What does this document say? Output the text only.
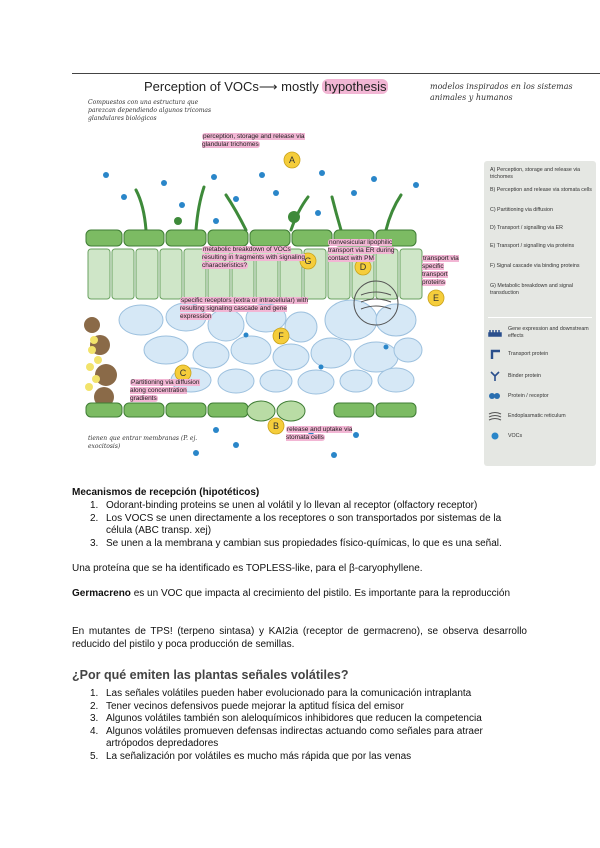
Perception of VOCs⟶ mostly hypothesis	modelos inspirados en los sistemas animales y humanos
Compuestos con una estructura que parezcan dependiendo algunos tricomas glandulares biológicos
tienen que entrar membranas (P. ej. exocitosis)
A
B
C
D
E
F
G
perception, storage and release via glandular trichomes
metabolic breakdown of VOCs resulting in fragments with signaling characteristics?
nonvesicular lipophilic transport via ER during contact with PM	transport via specific transport proteins
specific receptors (extra or intracellular) with resulting signaling cascade and gene expression
Partitioning via diffusion along concentration gradients
release and uptake via stomata cells
A) Perception, storage and release via trichomes
B) Perception and release via stomata cells
C) Partitioning via diffusion
D) Transport / signalling via ER
E) Transport / signalling via proteins
F) Signal cascade via binding proteins
G) Metabolic breakdown and signal transduction
Gene expression and downstream effects
Transport protein
Binder protein
Protein / receptor
Endoplasmatic reticulum
VOCs
Mecanismos de recepción (hipotéticos)
1. Odorant-binding proteins se unen al volátil y lo llevan al receptor (olfactory receptor)
2. Los VOCS se unen directamente a los receptores o son transportados por sistemas de la célula (ABC transp. xej)
3. Se unen a la membrana y cambian sus propiedades físico-químicas, lo que es una señal.

Una proteína que se ha identificado es TOPLESS-like, para el β-caryophyllene.

Germacreno es un VOC que impacta al crecimiento del pistilo. Es importante para la reproducción

En mutantes de TPS! (terpeno sintasa) y KAI2ia (receptor de germacreno), se observa desarrollo reducido del pistilo y poca producción de semillas.

¿Por qué emiten las plantas señales volátiles?
1. Las señales volátiles pueden haber evolucionado para la comunicación intraplanta
2. Tener vecinos defensivos puede mejorar la aptitud física del emisor
3. Algunos volátiles también son aleloquímicos inhibidores que reducen la competencia
4. Algunos volátiles promueven defensas indirectas actuando como señales para atraer artrópodos depredadores
5. La señalización por volátiles es mucho más rápida que por las venas
